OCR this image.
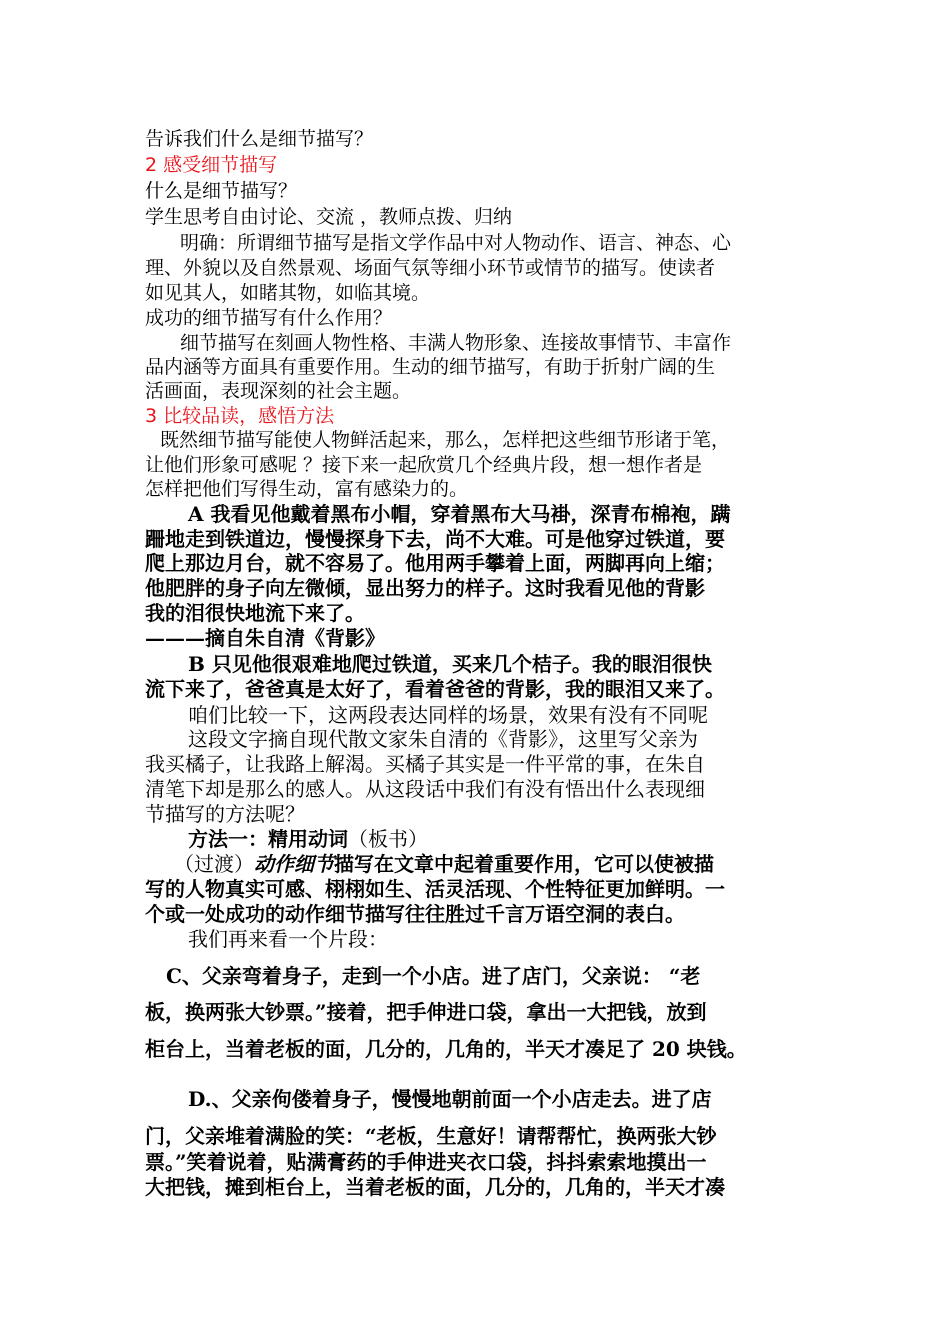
告诉我们什么是细节描写？
2 感受细节描写
什么是细节描写？
学生思考自由讨论、交流 ，教师点拨、归纳
明确：所谓细节描写是指文学作品中对人物动作、语言、神态、心
理、外貌以及自然景观、场面气氛等细小环节或情节的描写。使读者
如见其人，如睹其物，如临其境。
成功的细节描写有什么作用？
细节描写在刻画人物性格、丰满人物形象、连接故事情节、丰富作
品内涵等方面具有重要作用。生动的细节描写，有助于折射广阔的生
活画面，表现深刻的社会主题。
3 比较品读，感悟方法
既然细节描写能使人物鲜活起来，那么，怎样把这些细节形诸于笔，
让他们形象可感呢 ？接下来一起欣赏几个经典片段，想一想作者是
怎样把他们写得生动，富有感染力的。
A 我看见他戴着黑布小帽，穿着黑布大马褂，深青布棉袍，蹒
跚地走到铁道边，慢慢探身下去，尚不大难。可是他穿过铁道，要
爬上那边月台，就不容易了。他用两手攀着上面，两脚再向上缩；
他肥胖的身子向左微倾，显出努力的样子。这时我看见他的背影
我的泪很快地流下来了。
———摘自朱自清《背影》
B 只见他很艰难地爬过铁道，买来几个桔子。我的眼泪很快
流下来了，爸爸真是太好了，看着爸爸的背影，我的眼泪又来了。
咱们比较一下，这两段表达同样的场景，效果有没有不同呢
这段文字摘自现代散文家朱自清的《背影》，这里写父亲为
我买橘子，让我路上解渴。买橘子其实是一件平常的事，在朱自
清笔下却是那么的感人。从这段话中我们有没有悟出什么表现细
节描写的方法呢？
方法一：精用动词（板书）
（过渡）动作细节描写在文章中起着重要作用，它可以使被描
写的人物真实可感、栩栩如生、活灵活现、个性特征更加鲜明。一
个或一处成功的动作细节描写往往胜过千言万语空洞的表白。
我们再来看一个片段：
C、父亲弯着身子，走到一个小店。进了店门，父亲说： “老
板，换两张大钞票。”接着，把手伸进口袋，拿出一大把钱，放到
柜台上，当着老板的面，几分的，几角的，半天才凑足了 20 块钱。
D.、父亲佝偻着身子，慢慢地朝前面一个小店走去。进了店
门，父亲堆着满脸的笑：“老板，生意好！请帮帮忙，换两张大钞
票。”笑着说着，贴满膏药的手伸进夹衣口袋，抖抖索索地摸出一
大把钱，摊到柜台上，当着老板的面，几分的，几角的，半天才凑
